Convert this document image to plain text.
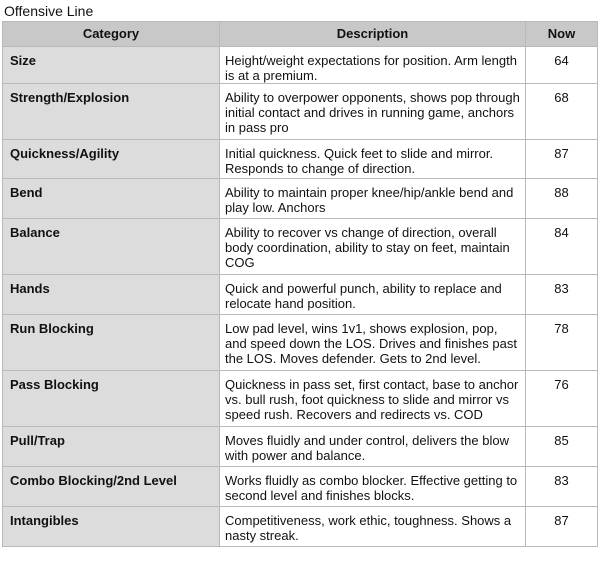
Offensive Line
Category	Description	Now
Size	Height/weight expectations for position. Arm length is at a premium.	64
Strength/Explosion	Ability to overpower opponents, shows pop through initial contact and drives in running game, anchors in pass pro	68
Quickness/Agility	Initial quickness. Quick feet to slide and mirror. Responds to change of direction.	87
Bend	Ability to maintain proper knee/hip/ankle bend and play low. Anchors	88
Balance	Ability to recover vs change of direction, overall body coordination, ability to stay on feet, maintain COG	84
Hands	Quick and powerful punch, ability to replace and relocate hand position.	83
Run Blocking	Low pad level, wins 1v1, shows explosion, pop, and speed down the LOS. Drives and finishes past the LOS. Moves defender. Gets to 2nd level.	78
Pass Blocking	Quickness in pass set, first contact, base to anchor vs. bull rush, foot quickness to slide and mirror vs speed rush. Recovers and redirects vs. COD	76
Pull/Trap	Moves fluidly and under control, delivers the blow with power and balance.	85
Combo Blocking/2nd Level	Works fluidly as combo blocker. Effective getting to second level and finishes blocks.	83
Intangibles	Competitiveness, work ethic, toughness. Shows a nasty streak.	87
